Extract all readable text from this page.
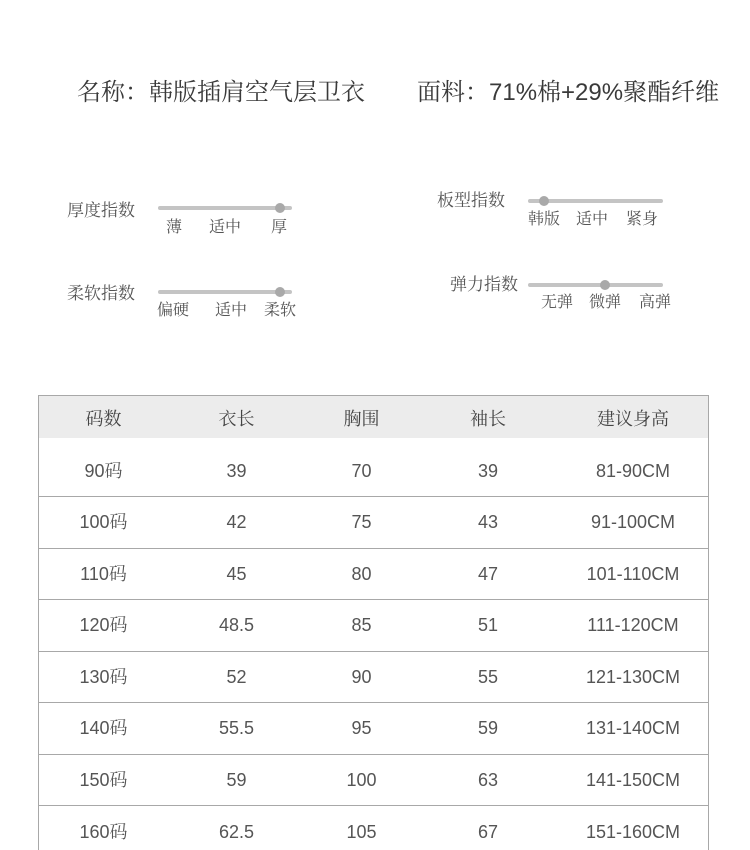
名称：韩版插肩空气层卫衣 面料：71%棉+29%聚酯纤维
厚度指数
薄 适中 厚
柔软指数
偏硬 适中 柔软
板型指数
韩版 适中 紧身
弹力指数
无弹 微弹 高弹
码数	衣长	胸围	袖长	建议身高
90码	39	70	39	81-90CM
100码	42	75	43	91-100CM
110码	45	80	47	101-110CM
120码	48.5	85	51	111-120CM
130码	52	90	55	121-130CM
140码	55.5	95	59	131-140CM
150码	59	100	63	141-150CM
160码	62.5	105	67	151-160CM
